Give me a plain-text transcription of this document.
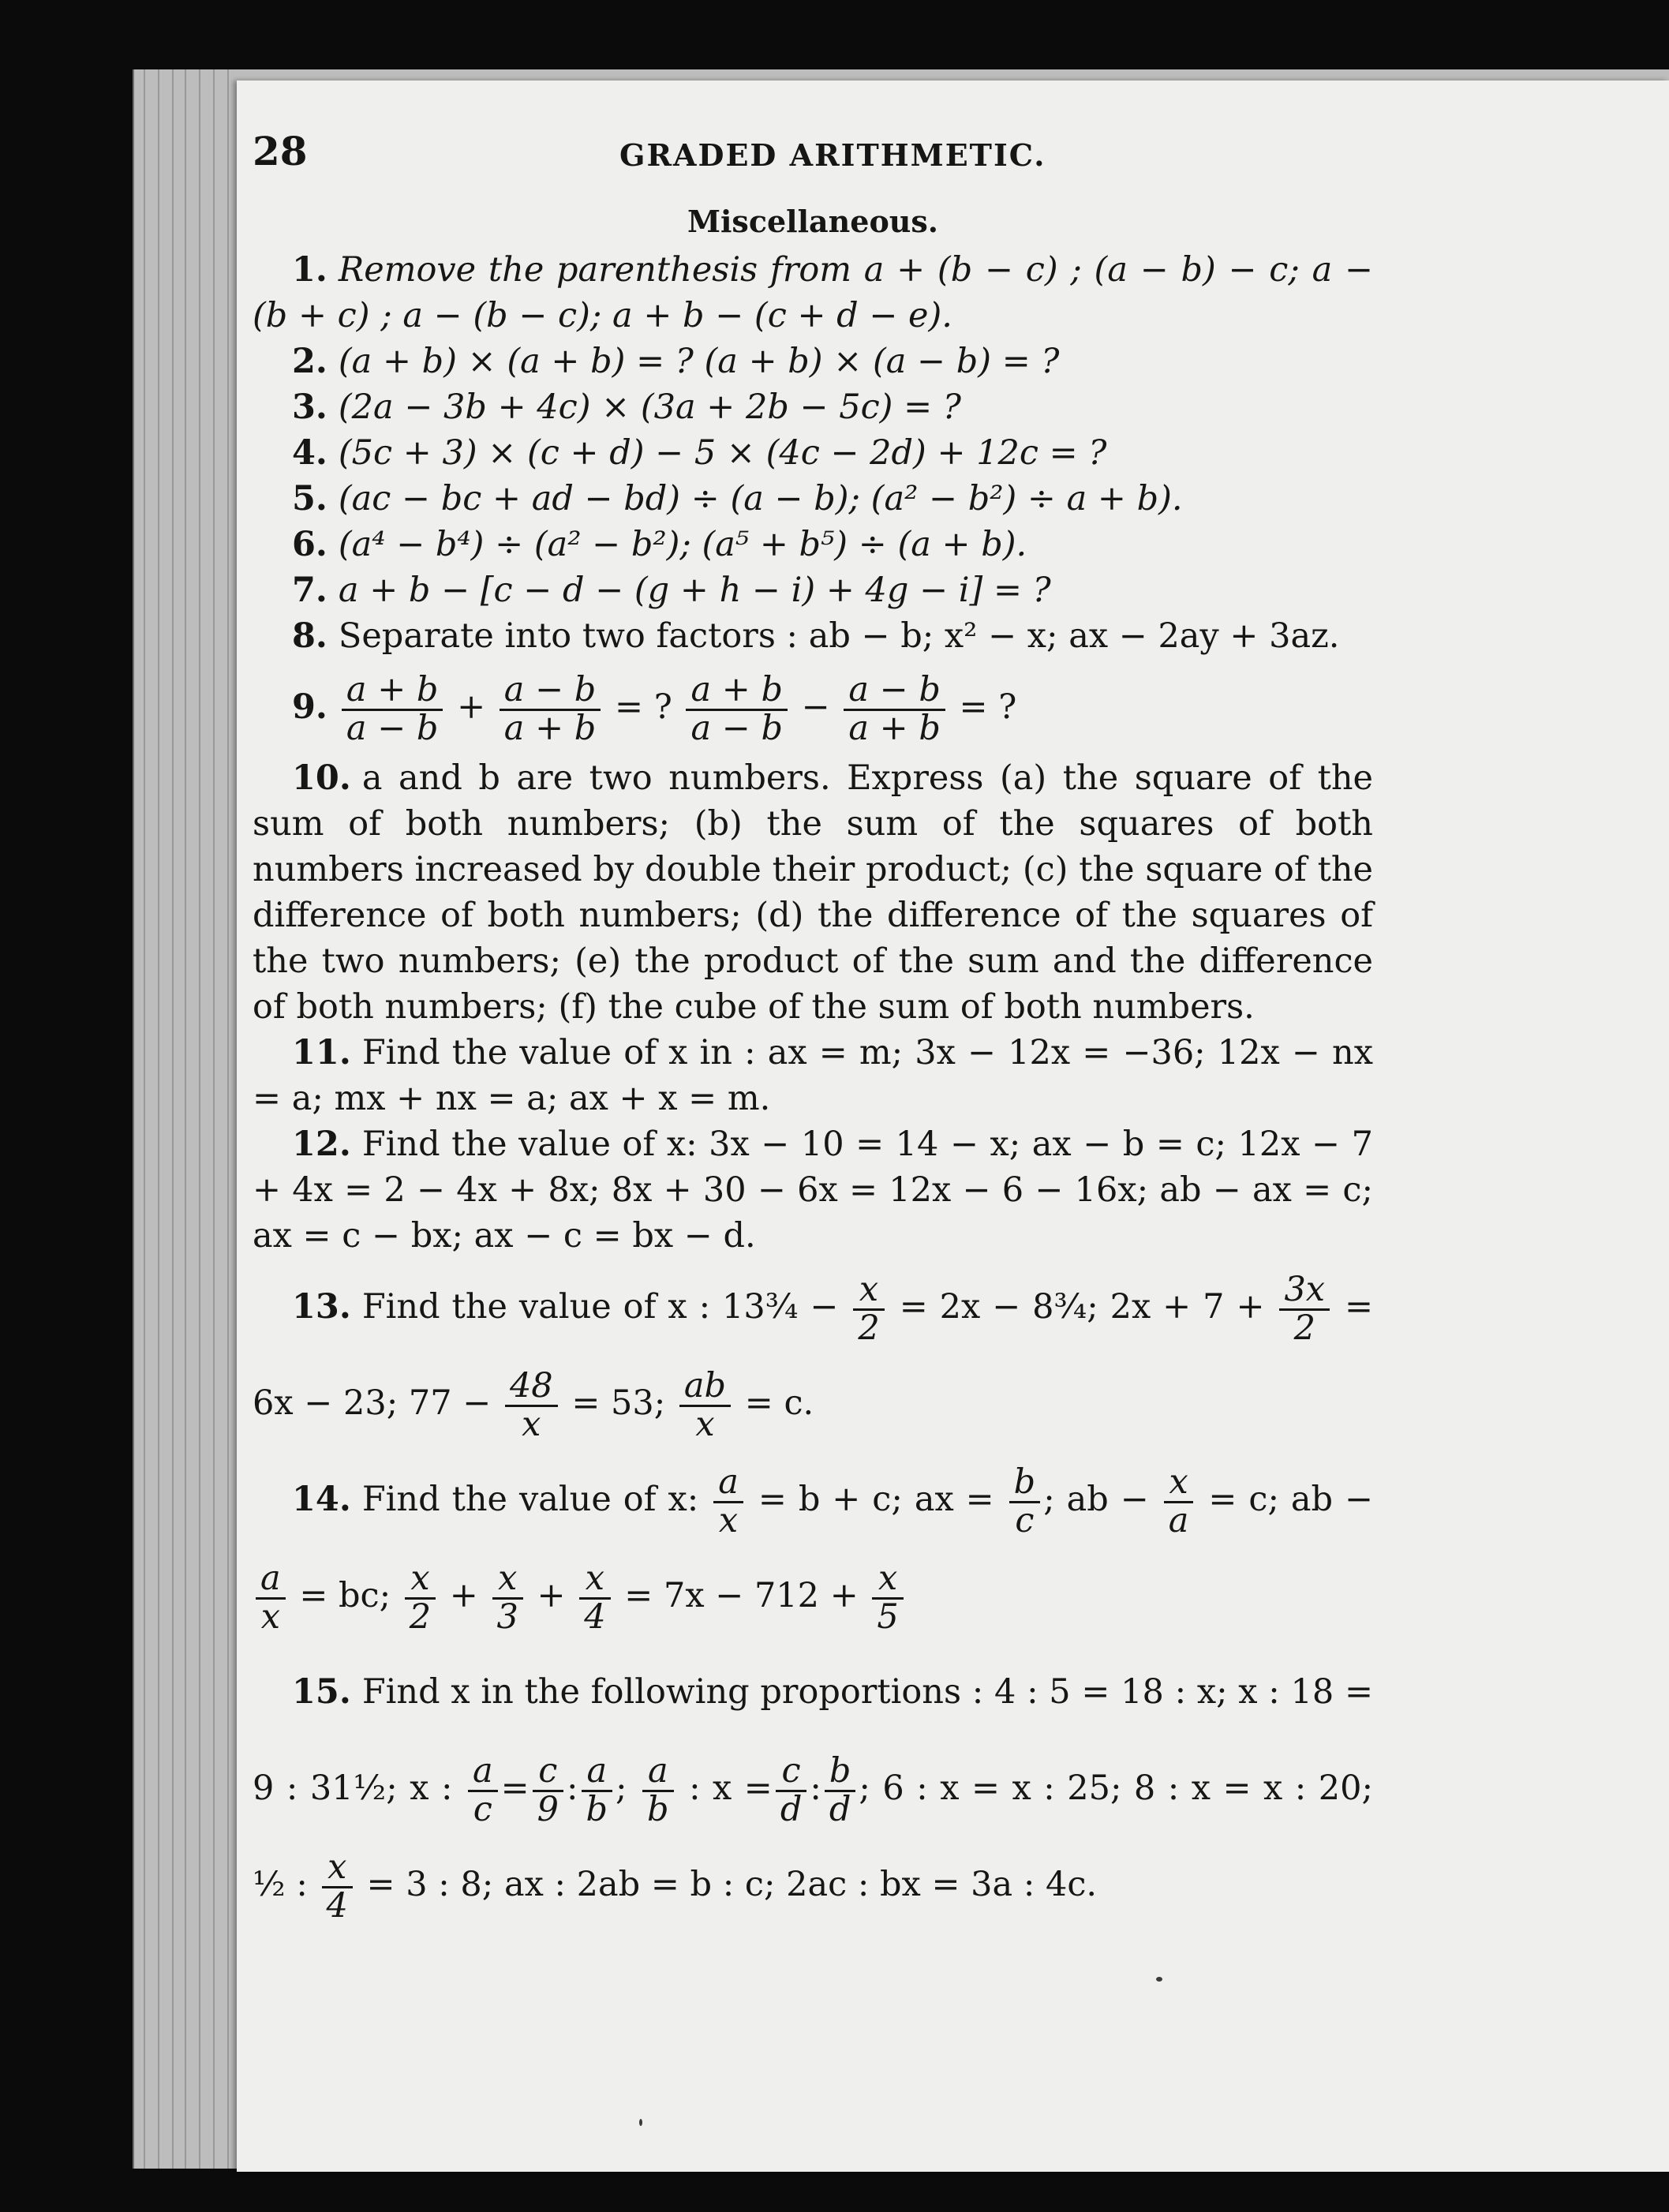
28	GRADED ARITHMETIC.
Miscellaneous.
1. Remove the parenthesis from a + (b − c) ; (a − b) − c; a − (b + c) ; a − (b − c); a + b − (c + d − e).
2. (a + b) × (a + b) = ? (a + b) × (a − b) = ?
3. (2a − 3b + 4c) × (3a + 2b − 5c) = ?
4. (5c + 3) × (c + d) − 5 × (4c − 2d) + 12c = ?
5. (ac − bc + ad − bd) ÷ (a − b); (a² − b²) ÷ a + b).
6. (a⁴ − b⁴) ÷ (a² − b²); (a⁵ + b⁵) ÷ (a + b).
7. a + b − [c − d − (g + h − i) + 4g − i] = ?
8. Separate into two factors : ab − b; x² − x; ax − 2ay + 3az.
9. $\frac{a + b}{a - b} + \frac{a - b}{a + b}$ = ? $\frac{a + b}{a - b} - \frac{a - b}{a + b}$ = ?
10. a and b are two numbers. Express (a) the square of the sum of both numbers; (b) the sum of the squares of both numbers increased by double their product; (c) the square of the difference of both numbers; (d) the difference of the squares of the two numbers; (e) the product of the sum and the difference of both numbers; (f) the cube of the sum of both numbers.
11. Find the value of x in : ax = m; 3x − 12x = −36; 12x − nx = a; mx + nx = a; ax + x = m.
12. Find the value of x: 3x − 10 = 14 − x; ax − b = c; 12x − 7 + 4x = 2 − 4x + 8x; 8x + 30 − 6x = 12x − 6 − 16x; ab − ax = c; ax = c − bx; ax − c = bx − d.
13. Find the value of x : 13¾ − $\frac{x}{2} = 2x$ − 8¾; $2x + 7 + \frac{3x}{2} = 6x - 23$; $77 - \frac{48}{x} = 53$; $\frac{ab}{x} = c$.
14. Find the value of x: $\frac{a}{x} = b + c$; ax = $\frac{b}{c}$ ; ab − $\frac{x}{a} = c$; ab −
$\frac{a}{x}$ = bc; $\frac{x}{2} + \frac{x}{3} + \frac{x}{4} = 7x - 712 + \frac{x}{5}$
15. Find x in the following proportions : 4 : 5 = 18 : x; x : 18 = 9 : 31½; x : $\frac{a}{c} = \frac{c}{9}$ : $\frac{a}{b}$ ; $\frac{a}{b}$ : $x = \frac{c}{d}$ : $\frac{b}{d}$ ; 6 : x = x : 25; 8 : x = x : 20; ½ : $\frac{x}{4} = 3$ : 8; ax : 2ab = b : c; 2ac : bx = 3a : 4c.
